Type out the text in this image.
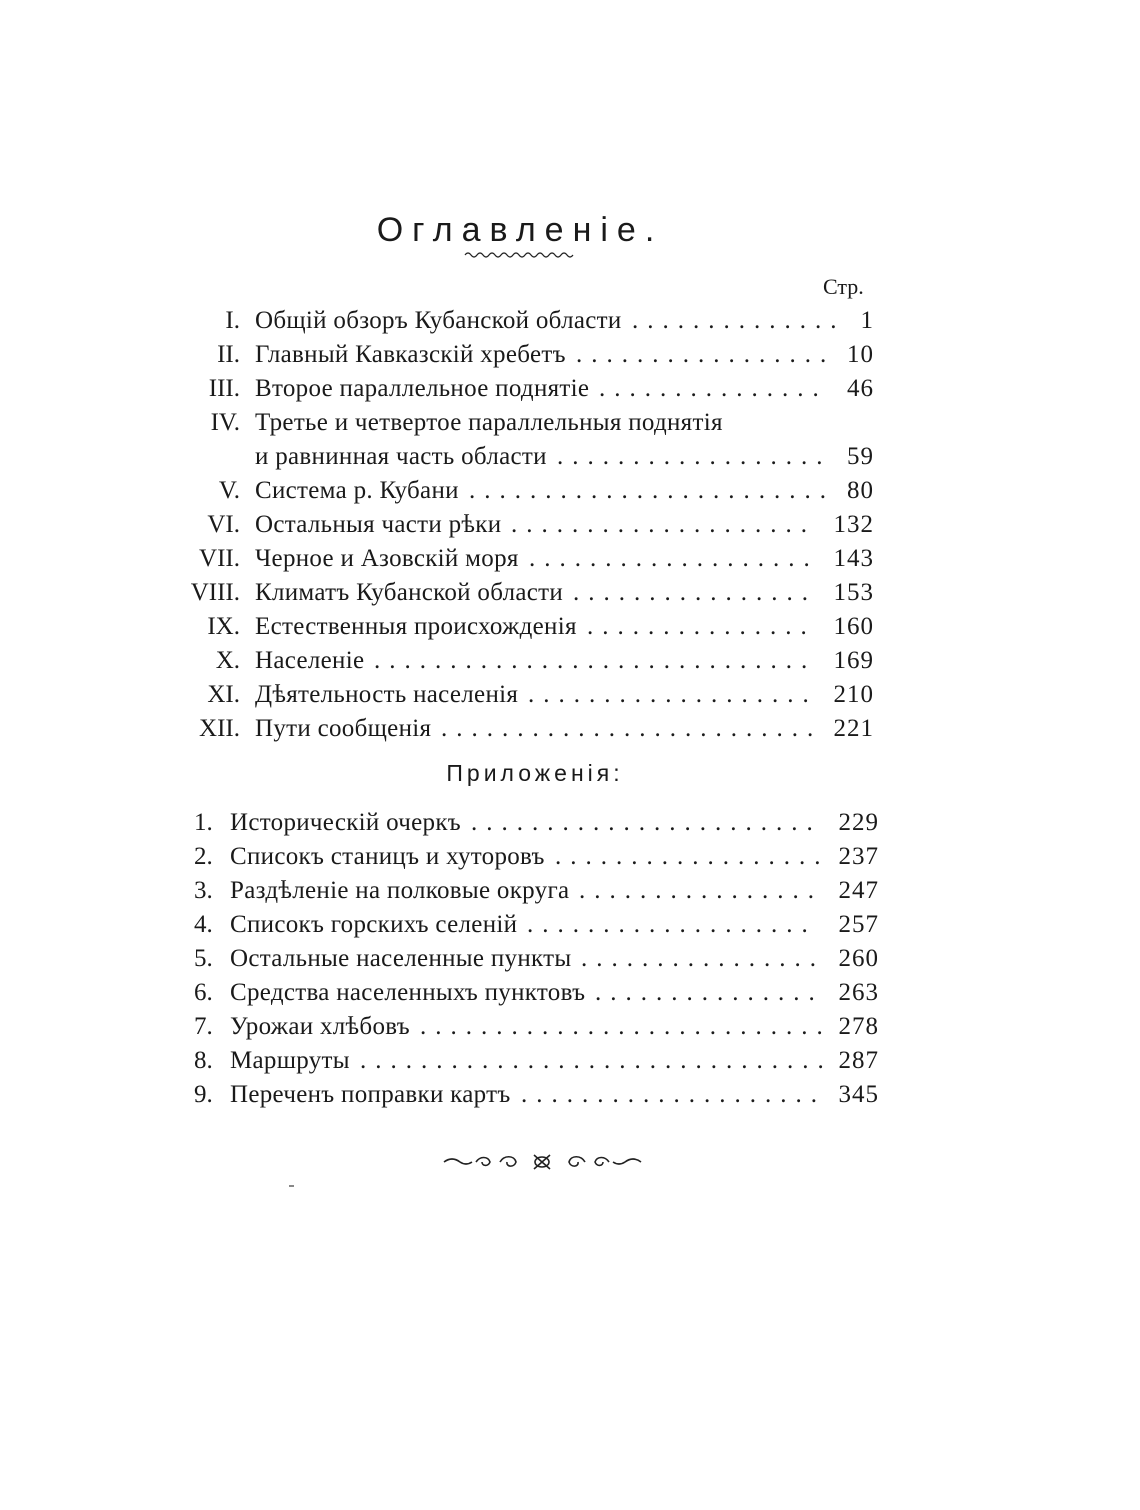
Оглавленіе.
Стр.
I. Общій обзоръ Кубанской области	1
..............
II. Главный Кавказскій хребетъ	10
.................
III. Второе параллельное поднятіе	46
...............
IV. Третье и четвертое параллельныя поднятія
и равнинная часть области	59
..................
V. Система р. Кубани	80
........................
VI. Остальныя части рѣки	132
....................
VII. Черное и Азовскій моря	143
...................
VIII. Климатъ Кубанской области	153
................
IX. Естественныя происхожденія	160
...............
X. Населеніе	169
.............................
XI. Дѣятельность населенія	210
...................
XII. Пути сообщенія	221
.........................
Приложенія:
1. Историческій очеркъ	229
.......................
2. Списокъ станицъ и хуторовъ	237
..................
3. Раздѣленіе на полковые округа	247
................
4. Списокъ горскихъ селеній	257
...................
5. Остальные населенные пункты	260
................
6. Средства населенныхъ пунктовъ	263
...............
7. Урожаи хлѣбовъ	278
...........................
8. Маршруты	287
...............................
9. Переченъ поправки картъ	345
....................
